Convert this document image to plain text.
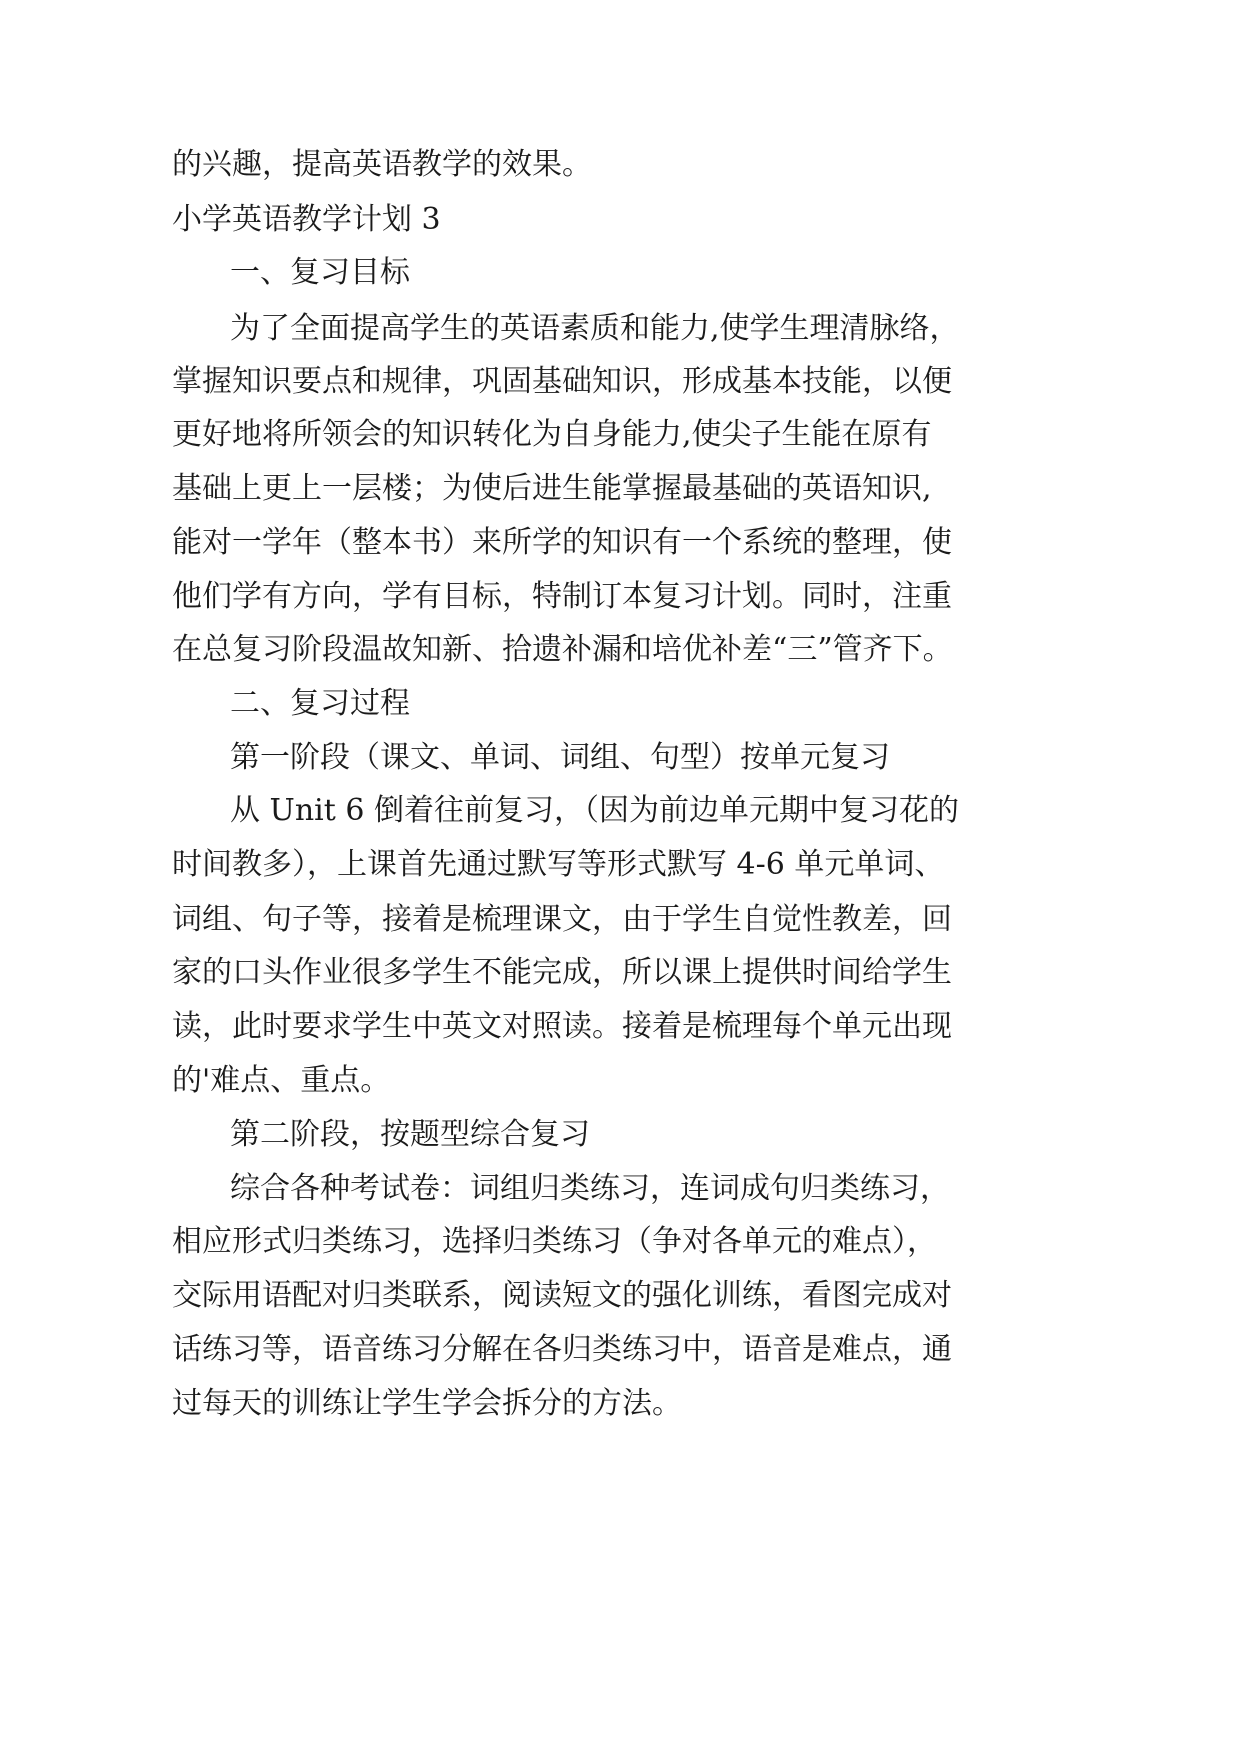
的兴趣，提高英语教学的效果。
小学英语教学计划 3
一、复习目标
为了全面提高学生的英语素质和能力,使学生理清脉络，
掌握知识要点和规律，巩固基础知识，形成基本技能，以便
更好地将所领会的知识转化为自身能力,使尖子生能在原有
基础上更上一层楼；为使后进生能掌握最基础的英语知识,
能对一学年（整本书）来所学的知识有一个系统的整理，使
他们学有方向，学有目标，特制订本复习计划。同时，注重
在总复习阶段温故知新、拾遗补漏和培优补差“三”管齐下。
二、复习过程
第一阶段（课文、单词、词组、句型）按单元复习
从 Unit 6 倒着往前复习，（因为前边单元期中复习花的
时间教多），上课首先通过默写等形式默写 4-6 单元单词、
词组、句子等，接着是梳理课文，由于学生自觉性教差，回
家的口头作业很多学生不能完成，所以课上提供时间给学生
读，此时要求学生中英文对照读。接着是梳理每个单元出现
的'难点、重点。
第二阶段，按题型综合复习
综合各种考试卷：词组归类练习，连词成句归类练习，
相应形式归类练习，选择归类练习（争对各单元的难点），
交际用语配对归类联系，阅读短文的强化训练，看图完成对
话练习等，语音练习分解在各归类练习中，语音是难点，通
过每天的训练让学生学会拆分的方法。
